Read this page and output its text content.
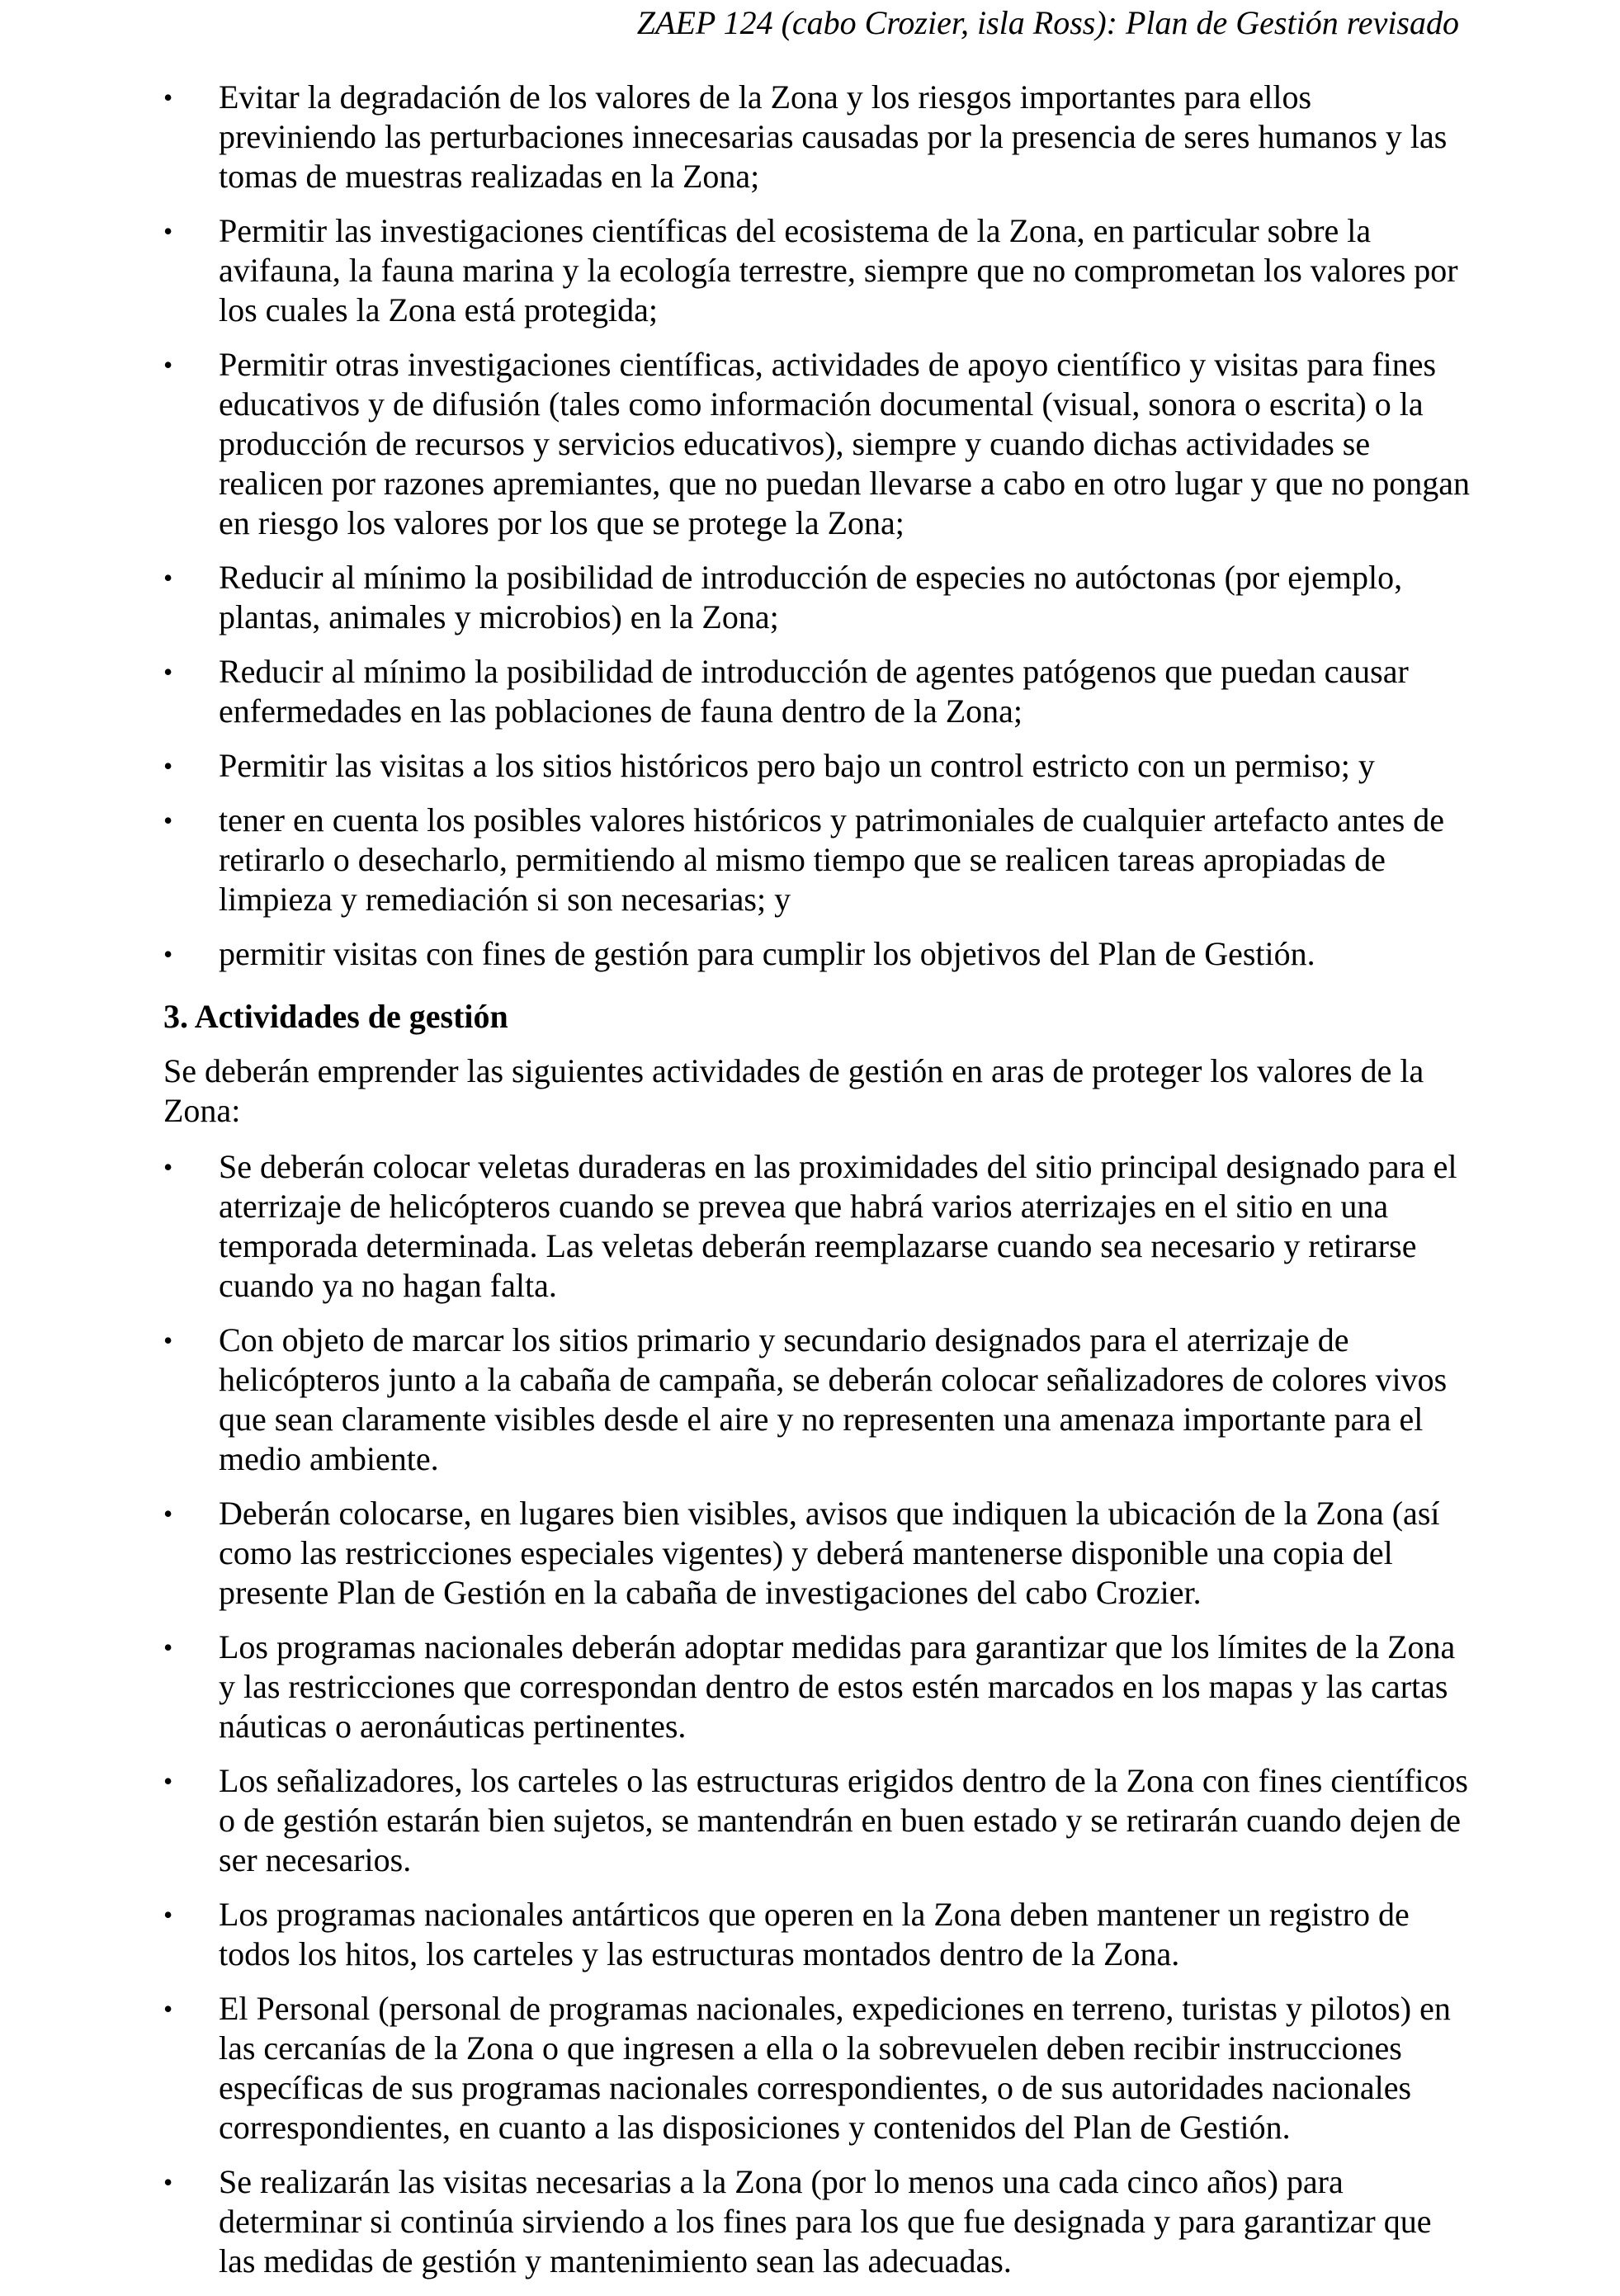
ZAEP 124 (cabo Crozier, isla Ross): Plan de Gestión revisado
•	Evitar la degradación de los valores de la Zona y los riesgos importantes para ellos previniendo las perturbaciones innecesarias causadas por la presencia de seres humanos y las tomas de muestras realizadas en la Zona;
•	Permitir las investigaciones científicas del ecosistema de la Zona, en particular sobre la avifauna, la fauna marina y la ecología terrestre, siempre que no comprometan los valores por los cuales la Zona está protegida;
•	Permitir otras investigaciones científicas, actividades de apoyo científico y visitas para fines educativos y de difusión (tales como información documental (visual, sonora o escrita) o la producción de recursos y servicios educativos), siempre y cuando dichas actividades se realicen por razones apremiantes, que no puedan llevarse a cabo en otro lugar y que no pongan en riesgo los valores por los que se protege la Zona;
•	Reducir al mínimo la posibilidad de introducción de especies no autóctonas (por ejemplo, plantas, animales y microbios) en la Zona;
•	Reducir al mínimo la posibilidad de introducción de agentes patógenos que puedan causar enfermedades en las poblaciones de fauna dentro de la Zona;
•	Permitir las visitas a los sitios históricos pero bajo un control estricto con un permiso; y
•	tener en cuenta los posibles valores históricos y patrimoniales de cualquier artefacto antes de retirarlo o desecharlo, permitiendo al mismo tiempo que se realicen tareas apropiadas de limpieza y remediación si son necesarias; y
•	permitir visitas con fines de gestión para cumplir los objetivos del Plan de Gestión.
3. Actividades de gestión

Se deberán emprender las siguientes actividades de gestión en aras de proteger los valores de la Zona:

•	Se deberán colocar veletas duraderas en las proximidades del sitio principal designado para el aterrizaje de helicópteros cuando se prevea que habrá varios aterrizajes en el sitio en una temporada determinada. Las veletas deberán reemplazarse cuando sea necesario y retirarse cuando ya no hagan falta.
•	Con objeto de marcar los sitios primario y secundario designados para el aterrizaje de helicópteros junto a la cabaña de campaña, se deberán colocar señalizadores de colores vivos que sean claramente visibles desde el aire y no representen una amenaza importante para el medio ambiente.
•	Deberán colocarse, en lugares bien visibles, avisos que indiquen la ubicación de la Zona (así como las restricciones especiales vigentes) y deberá mantenerse disponible una copia del presente Plan de Gestión en la cabaña de investigaciones del cabo Crozier.
•	Los programas nacionales deberán adoptar medidas para garantizar que los límites de la Zona y las restricciones que correspondan dentro de estos estén marcados en los mapas y las cartas náuticas o aeronáuticas pertinentes.
•	Los señalizadores, los carteles o las estructuras erigidos dentro de la Zona con fines científicos o de gestión estarán bien sujetos, se mantendrán en buen estado y se retirarán cuando dejen de ser necesarios.
•	Los programas nacionales antárticos que operen en la Zona deben mantener un registro de todos los hitos, los carteles y las estructuras montados dentro de la Zona.
•	El Personal (personal de programas nacionales, expediciones en terreno, turistas y pilotos) en las cercanías de la Zona o que ingresen a ella o la sobrevuelen deben recibir instrucciones específicas de sus programas nacionales correspondientes, o de sus autoridades nacionales correspondientes, en cuanto a las disposiciones y contenidos del Plan de Gestión.
•	Se realizarán las visitas necesarias a la Zona (por lo menos una cada cinco años) para determinar si continúa sirviendo a los fines para los que fue designada y para garantizar que las medidas de gestión y mantenimiento sean las adecuadas.
